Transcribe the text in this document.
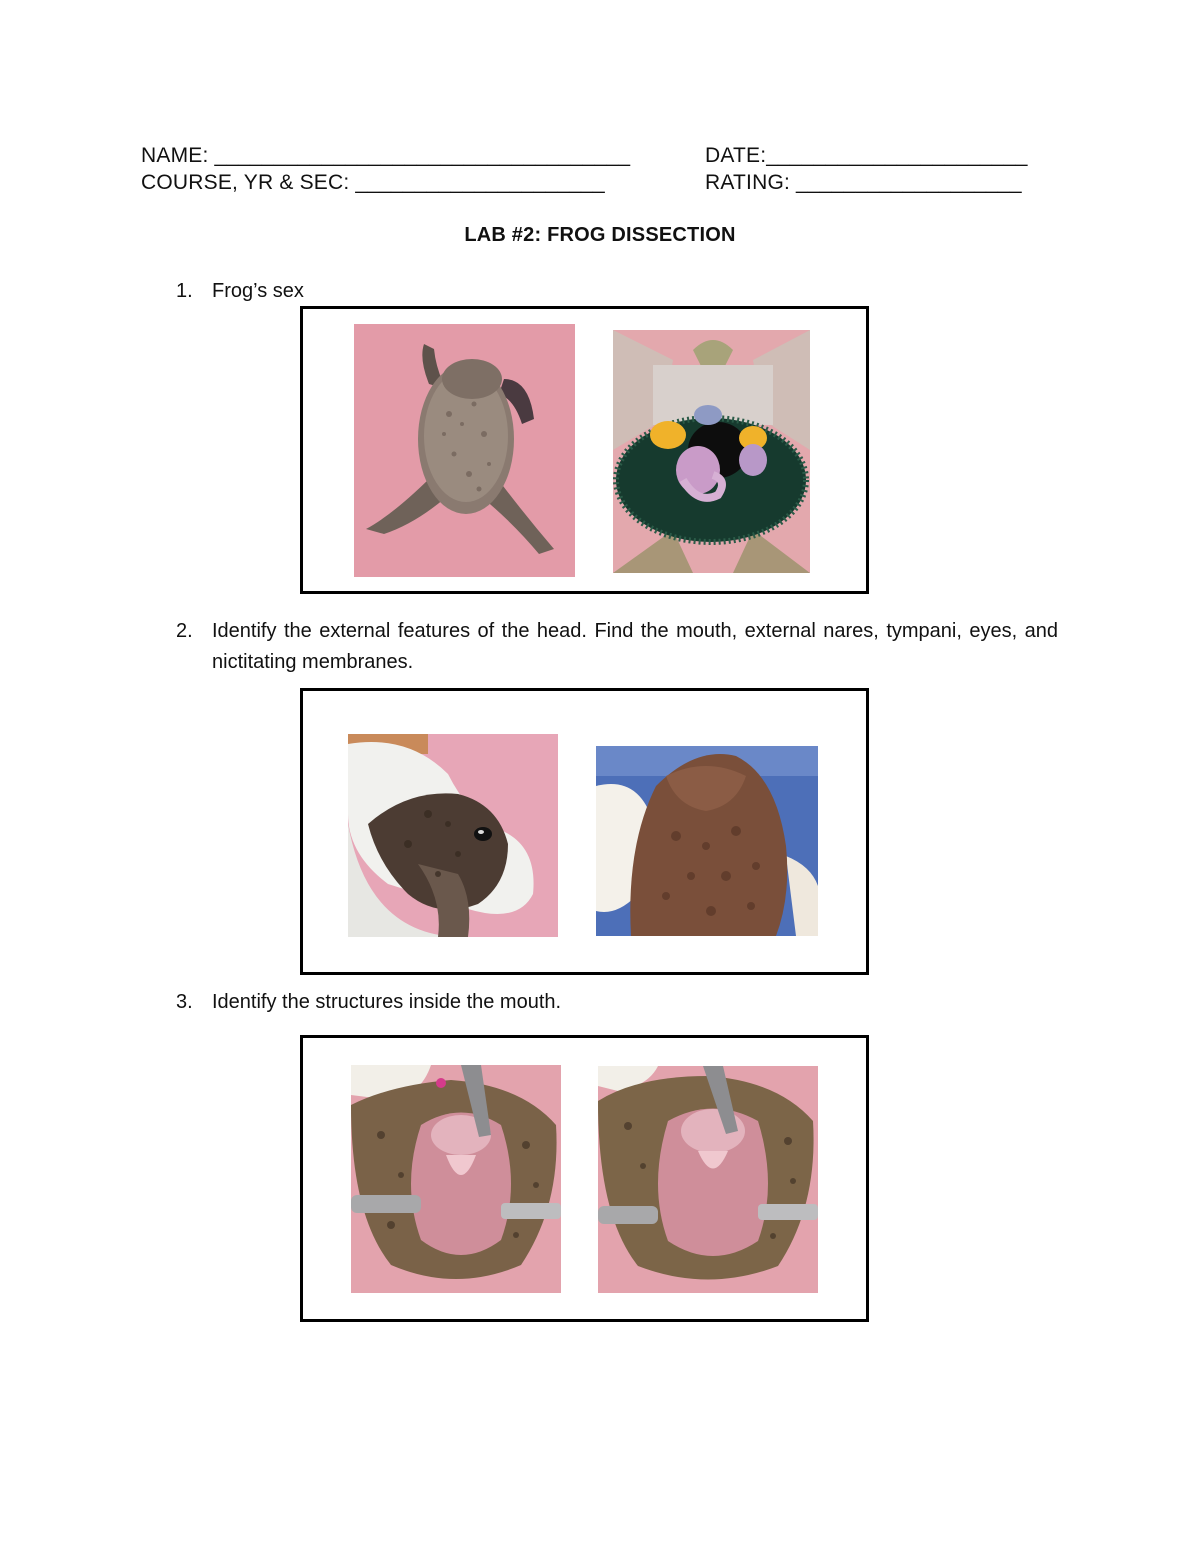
NAME: ___________________________________	DATE:______________________
COURSE, YR & SEC: _____________________	RATING: ___________________
LAB #2: FROG DISSECTION
1. Frog’s sex
2. Identify the external features of the head. Find the mouth, external nares, tympani, eyes, and nictitating membranes.
3. Identify the structures inside the mouth.
